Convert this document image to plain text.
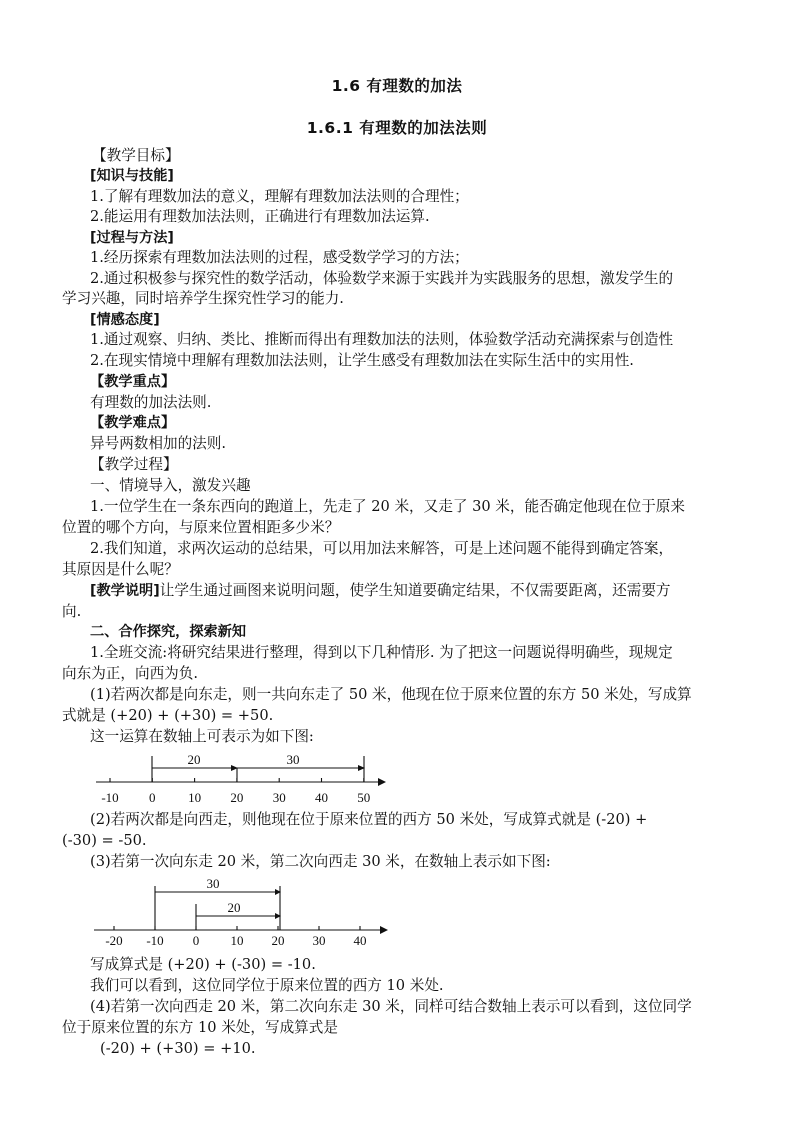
1.6 有理数的加法
1.6.1 有理数的加法法则
【教学目标】
[知识与技能]
1.了解有理数加法的意义，理解有理数加法法则的合理性；
2.能运用有理数加法法则，正确进行有理数加法运算.
[过程与方法]
1.经历探索有理数加法法则的过程，感受数学学习的方法；
2.通过积极参与探究性的数学活动，体验数学来源于实践并为实践服务的思想，激发学生的
学习兴趣，同时培养学生探究性学习的能力.
[情感态度]
1.通过观察、归纳、类比、推断而得出有理数加法的法则，体验数学活动充满探索与创造性
2.在现实情境中理解有理数加法法则，让学生感受有理数加法在实际生活中的实用性.
【教学重点】
有理数的加法法则.
【教学难点】
异号两数相加的法则.
【教学过程】
一、情境导入，激发兴趣
1.一位学生在一条东西向的跑道上，先走了 20 米，又走了 30 米，能否确定他现在位于原来
位置的哪个方向，与原来位置相距多少米？
2.我们知道，求两次运动的总结果，可以用加法来解答，可是上述问题不能得到确定答案，
其原因是什么呢？
[教学说明]让学生通过画图来说明问题，使学生知道要确定结果，不仅需要距离，还需要方
向.
二、合作探究，探索新知
1.全班交流:将研究结果进行整理，得到以下几种情形. 为了把这一问题说得明确些，现规定
向东为正，向西为负.
(1)若两次都是向东走，则一共向东走了 50 米，他现在位于原来位置的东方 50 米处，写成算
式就是 (+20) + (+30) = +50.
这一运算在数轴上可表示为如下图:
20	30
-10 0	10 20 30 40 50
(2)若两次都是向西走，则他现在位于原来位置的西方 50 米处，写成算式就是 (-20) +
(-30) = -50.
(3)若第一次向东走 20 米，第二次向西走 30 米，在数轴上表示如下图:
30
20
-20 -10 0 10 20 30 40
写成算式是 (+20) + (-30) = -10.
我们可以看到，这位同学位于原来位置的西方 10 米处.
(4)若第一次向西走 20 米，第二次向东走 30 米，同样可结合数轴上表示可以看到，这位同学
位于原来位置的东方 10 米处，写成算式是
(-20) + (+30) = +10.
